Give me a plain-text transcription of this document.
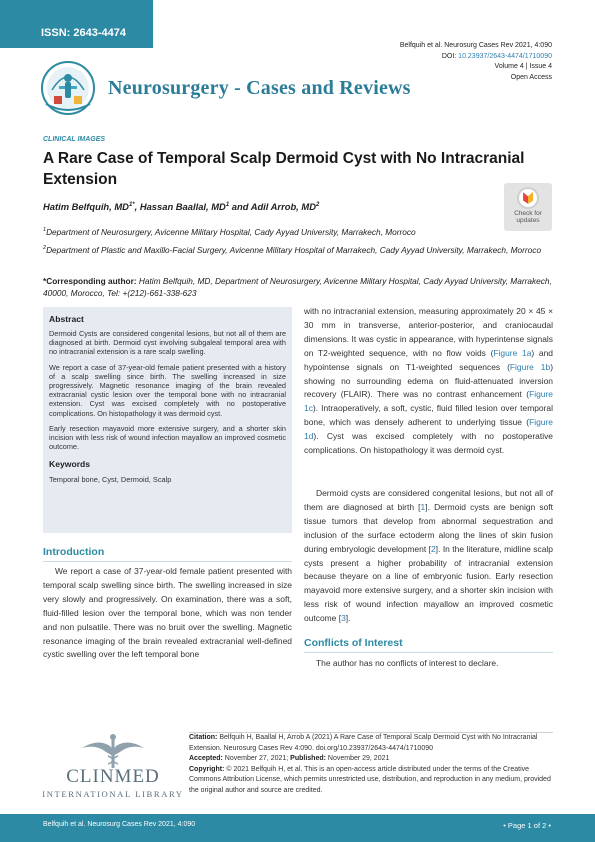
ISSN: 2643-4474
Belfquih et al. Neurosurg Cases Rev 2021, 4:090
DOI: 10.23937/2643-4474/1710090
Volume 4 | Issue 4
Open Access
Neurosurgery - Cases and Reviews
CLINICAL IMAGES
A Rare Case of Temporal Scalp Dermoid Cyst with No Intracranial Extension
Hatim Belfquih, $MD^{1*}$, Hassan Baallal, $MD^1$ and Adil Arrob, $MD^2$
Check for updates

$^1$Department of Neurosurgery, Avicenne Military Hospital, Cady Ayyad University, Marrakech, Morroco

$^2$Department of Plastic and Maxillo-Facial Surgery, Avicenne Military Hospital of Marrakech, Cady Ayyad University, Marrakech, Morroco

*Corresponding author: Hatim Belfquih, MD, Department of Neurosurgery, Avicenne Military Hospital, Cady Ayyad University, Marrakech, 40000, Morocco, Tel: +(212)-661-338-623
Abstract

Dermoid Cysts are considered congenital lesions, but not all of them are diagnosed at birth. Dermoid cyst involving subgaleal temporal area with no intracranial extension is a rare scalp swelling.

We report a case of 37-year-old female patient presented with a history of a scalp swelling since birth. The swelling increased in size progressively. Magnetic resonance imaging of the brain revealed extracranial cystic lesion over the temporal bone with no intracranial extension. Cyst was excised completely with no postoperative complications. On histopathology it was dermoid cyst.

Early resection mayavoid more extensive surgery, and a shorter skin incision with less risk of wound infection mayallow an improved cosmetic outcome.

Keywords
Temporal bone, Cyst, Dermoid, Scalp
Introduction
We report a case of 37-year-old female patient presented with temporal scalp swelling since birth. The swelling increased in size very slowly and progressively. On examination, there was a soft, fluid-filled lesion over the temporal bone, which was non tender and non pulsatile. There was no bruit over the swelling. Magnetic resonance imaging of the brain revealed extracranial well-defined cystic swelling over the left temporal bone
with no intracranial extension, measuring approximately 20 × 45 × 30 mm in transverse, anterior-posterior, and craniocaudal dimensions. It was cystic in appearance, with hyperintense signals on T2-weighted sequence, with no flow voids (Figure 1a) and hypointense signals on T1-weighted sequences (Figure 1b) showing no surrounding edema on fluid-attenuated inversion recovery (FLAIR). There was no contrast enhancement (Figure 1c). Intraoperatively, a soft, cystic, fluid filled lesion over temporal bone, which was densely adherent to underlying tissue (Figure 1d). Cyst was excised completely with no postoperative complications. On histopathology it was dermoid cyst.
Dermoid cysts are considered congenital lesions, but not all of them are diagnosed at birth [1]. Dermoid cysts are benign soft tissue tumors that develop from abnormal sequestration and inclusion of the surface ectoderm along the lines of skin fusion during embryologic development [2]. In the literature, midline scalp cysts present a higher probability of intracranial extension because theyare on a line of embryonic fusion. Early resection mayavoid more extensive surgery, and a shorter skin incision with less risk of wound infection mayallow an improved cosmetic outcome [3].
Conflicts of Interest
The author has no conflicts of interest to declare.
Citation: Belfquih H, Baallal H, Arrob A (2021) A Rare Case of Temporal Scalp Dermoid Cyst with No Intracranial Extension. Neurosurg Cases Rev 4:090. doi.org/10.23937/2643-4474/1710090
Accepted: November 27, 2021; Published: November 29, 2021
Copyright: © 2021 Belfquih H, et al. This is an open-access article distributed under the terms of the Creative Commons Attribution License, which permits unrestricted use, distribution, and reproduction in any medium, provided the original author and source are credited.
CLINMED
INTERNATIONAL LIBRARY
Belfquih et al. Neurosurg Cases Rev 2021, 4:090	• Page 1 of 2 •
